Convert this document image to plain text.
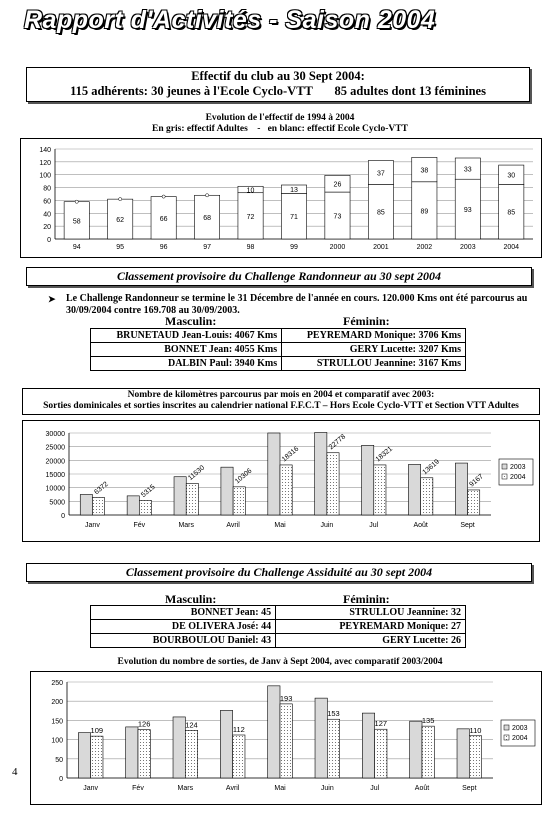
Rapport d'Activités - Saison 2004
Effectif du club au 30 Sept 2004:
115 adhérents: 30 jeunes à l'Ecole Cyclo-VTT       85 adultes dont 13 féminines
Evolution de l'effectif de 1994 à 2004
En gris: effectif Adultes    -   en blanc: effectif Ecole Cyclo-VTT
0
20
40
60
80
100
120
140
58
94
62
95
66
96
68
97
72
10
98
71
13
99
73
26
2000
85
37
2001
89
38
2002
93
33
2003
85
30
2004
Classement provisoire du Challenge Randonneur au 30 sept 2004
➤	Le Challenge Randonneur se termine le 31 Décembre de l'année en cours. 120.000 Kms ont été parcourus au 30/09/2004 contre 169.708 au 30/09/2003.
Masculin:	Féminin:
BRUNETAUD Jean-Louis: 4067 Kms	PEYREMARD Monique: 3706 Kms
BONNET Jean: 4055 Kms	GERY Lucette: 3207 Kms
DALBIN Paul: 3940 Kms	STRULLOU Jeannine: 3167 Kms
Nombre de kilomètres parcourus par mois en 2004 et comparatif avec 2003:
Sorties dominicales et sorties inscrites au calendrier national F.F.C.T – Hors Ecole Cyclo-VTT et Section VTT Adultes
0
5000
10000
15000
20000
25000
30000
6372
Janv
5315
Fév
11530
Mars
10306
Avril
18316
Mai
22778
Juin
18321
Jul
13619
Août
9167
Sept
2003
2004
Classement provisoire du Challenge Assiduité au 30 sept 2004
Masculin:	Féminin:
BONNET Jean: 45	STRULLOU Jeannine: 32
DE OLIVERA José: 44	PEYREMARD Monique: 27
BOURBOULOU Daniel: 43	GERY Lucette: 26
Evolution du nombre de sorties, de Janv à Sept 2004, avec comparatif 2003/2004
0
50
100
150
200
250
109
Janv
126
Fév
124
Mars
112
Avril
193
Mai
153
Juin
127
Jul
135
Août
110
Sept
2003
2004
4
